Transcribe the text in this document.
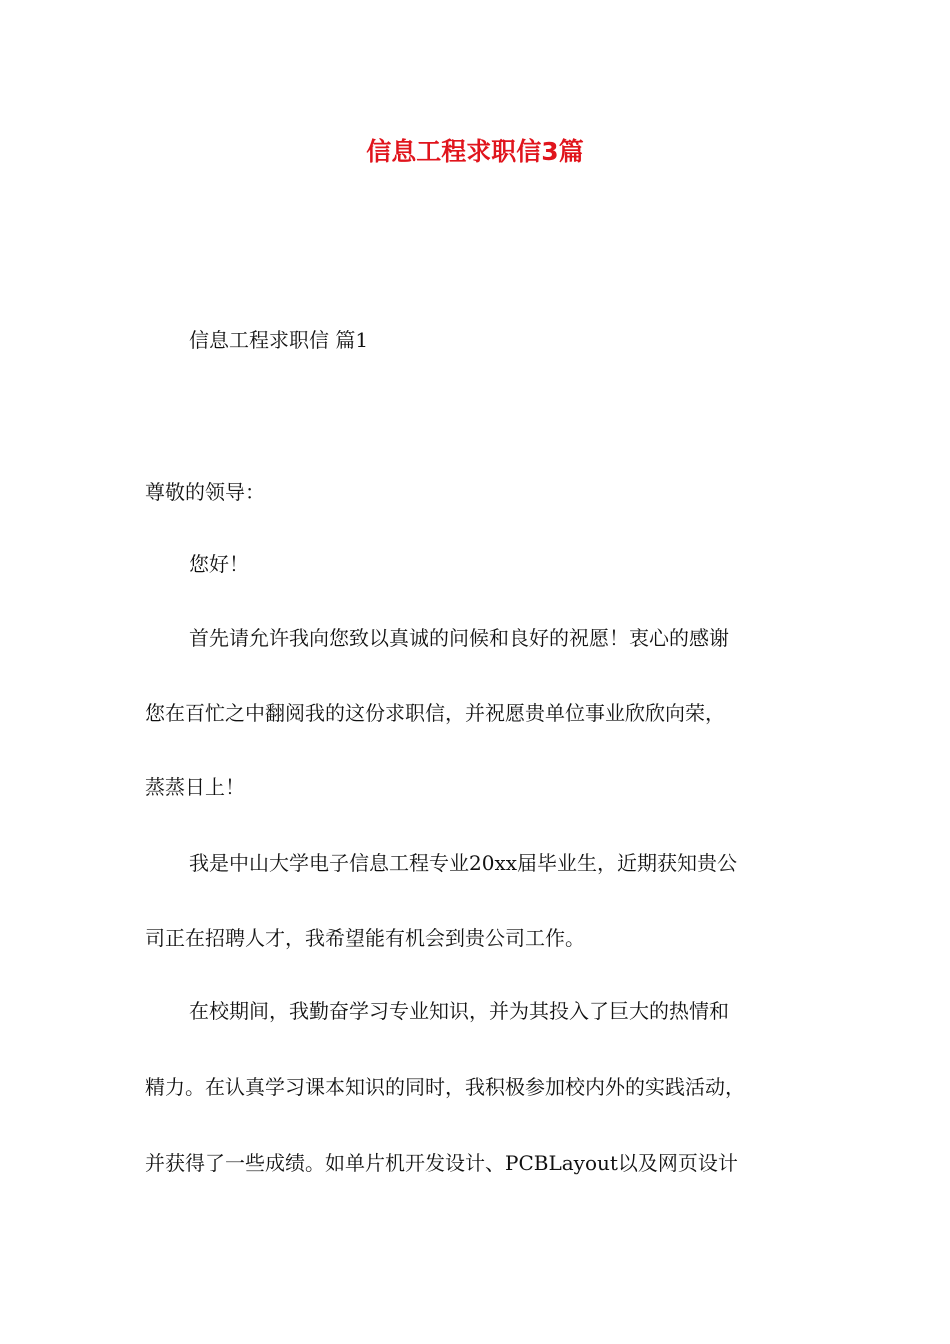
信息工程求职信3篇
信息工程求职信 篇1
尊敬的领导：
您好！
首先请允许我向您致以真诚的问候和良好的祝愿！衷心的感谢
您在百忙之中翻阅我的这份求职信，并祝愿贵单位事业欣欣向荣，
蒸蒸日上！
我是中山大学电子信息工程专业20xx届毕业生，近期获知贵公
司正在招聘人才，我希望能有机会到贵公司工作。
在校期间，我勤奋学习专业知识，并为其投入了巨大的热情和
精力。在认真学习课本知识的同时，我积极参加校内外的实践活动，
并获得了一些成绩。如单片机开发设计、PCBLayout以及网页设计
